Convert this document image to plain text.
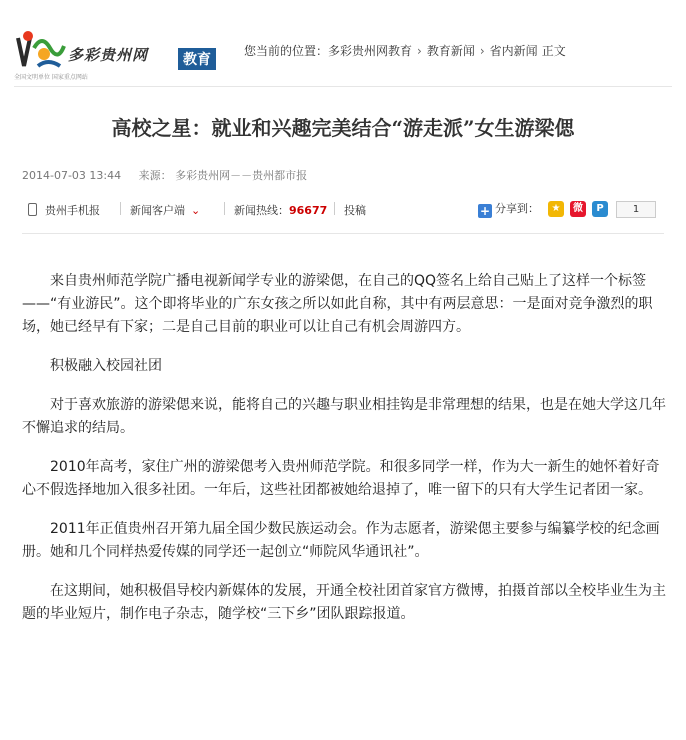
多彩贵州网	教育
全国文明单位 国家重点网站
您当前的位置：多彩贵州网教育 › 教育新闻 › 省内新闻 正文
高校之星：就业和兴趣完美结合“游走派”女生游梁偲
2014-07-03 13:44 来源： 多彩贵州网－－贵州都市报
贵州手机报	新闻客户端 ⌄	新闻热线：96677 投稿	+ 分享到：	★	微	P	1

来自贵州师范学院广播电视新闻学专业的游梁偲，在自己的QQ签名上给自己贴上了这样一个标签——“有业游民”。这个即将毕业的广东女孩之所以如此自称，其中有两层意思：一是面对竞争激烈的职场，她已经早有下家；二是自己目前的职业可以让自己有机会周游四方。

积极融入校园社团

对于喜欢旅游的游梁偲来说，能将自己的兴趣与职业相挂钩是非常理想的结果，也是在她大学这几年不懈追求的结局。

2010年高考，家住广州的游梁偲考入贵州师范学院。和很多同学一样，作为大一新生的她怀着好奇心不假选择地加入很多社团。一年后，这些社团都被她给退掉了，唯一留下的只有大学生记者团一家。

2011年正值贵州召开第九届全国少数民族运动会。作为志愿者，游梁偲主要参与编纂学校的纪念画册。她和几个同样热爱传媒的同学还一起创立“师院风华通讯社”。

在这期间，她积极倡导校内新媒体的发展，开通全校社团首家官方微博，拍摄首部以全校毕业生为主题的毕业短片，制作电子杂志，随学校“三下乡”团队跟踪报道。
